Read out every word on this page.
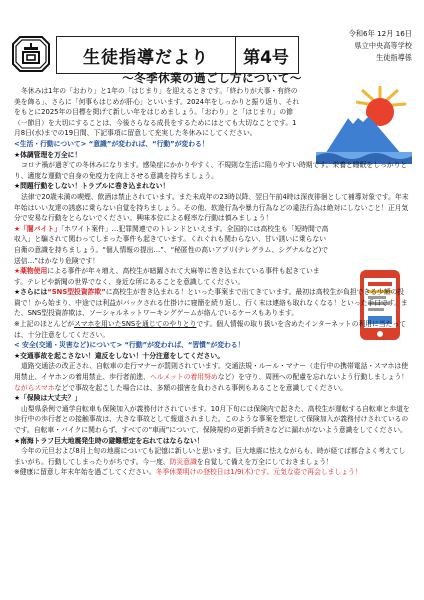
生徒指導だより	第4号
令和6年 12月 16日
県立中央高等学校
生徒指導係
～冬季休業の過ごし方について～

冬休みは1年の「おわり」と1年の「はじまり」を迎えるときです。「終わりが大事・有終の美を飾る」、さらに「何事もはじめが肝心」といいます。2024年をしっかりと振り返り、それをもとに2025年の目標を掲げて新しい年をはじめましょう。「おわり」と「はじまり」の節（一節目）を大切にすることは、今後さらなる成長をするためにはとても大切なことです。1月8日(水)までの19日間、下記事項に留意して充実した冬休みにしてください。

<生活・行動について> “意識”が変われば、“行動”が変わる！

★体調管理を万全に！

コロナ禍が過ぎての冬休みになります。感染症にかかりやすく、不規則な生活に陥りやすい時期です。栄養と睡眠をしっかりとり、適度な運動で自身の免疫力を向上させる意識を持ちましょう。

★問題行動をしない！トラブルに巻き込まれない！

法律で20歳未満の喫煙、飲酒は禁止されています。また未成年の23時以降、翌日午前4時は深夜徘徊として補導対象です。年末年始はいい友達の誘惑に乗らない自覚を持ちましょう。その他、软遊行為や暴力行為などの違法行為は絶対にしないこと！正月気分で安易な行動をとらないでください。興味本位による軽率な行動は慎みましょう！

★「闇バイト」「ホワイト案件」…犯罪関連でのトレンドといえます。全国的には高校生も「短時間で高収入」と騙されて関わってしまった事件も起きています。くれぐれも関わらない、甘い誘いに乗らない自衛の意識を持ちましょう。“個人情報の提出…”、“秘匿性の高いアプリ(テレグラム、シグナルなど)で送信…”はかなり危険です！

★薬物使用による事件が年々増え、高校生が暗躍されて大麻等に巻き込まれている事件も起きています。テレビや新聞の世界でなく、身近な所にあることを意識してください。

★さらには“SNS型投資詐欺”に高校生が巻き込まれる！といった事案まで出てきています。最初は高校生が負担できる少額の投資で！から始まり、中途では利益がバックされる仕掛けに寝簡を続り返し、行く末は連絡も取れなくなる！といった手口です。また、SNS型投資詐欺は、ソーシャルネットワーキングゲームが絡んでいるケースもあります。

※上記のほとんどがスマホを用いたSNSを通じてのやりとりです。個人情報の取り扱いを含めたインターネットの利用に当たっては、十分注意をしてください。

< 安全(交通・災害など)について> “行動”が変われば、“習慣”が変わる！

★交通事故を起こさない！違反をしない！十分注意をしてください。

道路交通法の改正され、自転車の走行マナーが罰則されています。交通法規・ルール・マナー（走行中の携帯電話・スマホは使用禁止、イヤホンの着用禁止、歩行者前進、ヘルメットの着用努めなど）を守り、周囲への配慮を忘れないよう行動しましょう！ながらスマホなどで事故を起こした場合には、多額の損害を負わされる事例もあることを意識してください。

★「保険は大丈夫？」

山梨県条例で通学自転車も保険加入が義務付けされています。10月下旬には保険内で起きた、高校生が運転する自転車と歩道を歩行中の歩行者との接触事故は、大きな事故として報道されました。このような事案を想定して保険加入が義務付けされているのです。自転車・バイクに関わらず、すべての“車両”について、保険規約の更新手続きなどに漏れがないよう意識をしてください。

★南海トラフ巨大地震発生時の避難想定を忘れてはならない！

今年の元旦および8月上旬の地震についても記憶に新しいと思います。巨大地震に怯えながらも、時が経てば都合よく考えてしまいがち。行動してしまったりがちです。今一度、防災意識を自覚して備えを万全にしておきましょう！

※健康に留意し年末年始を過ごしてください。冬季休業明けの登校日は1/9(木)です。元気な姿で再会しましょう！
